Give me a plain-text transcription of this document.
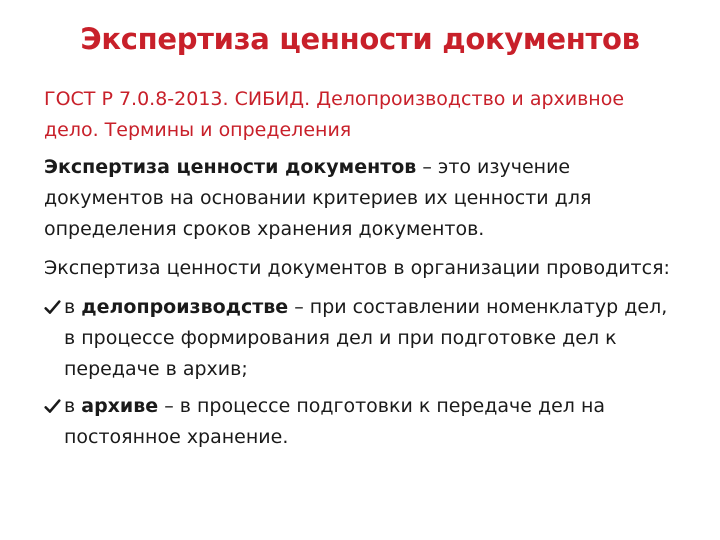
Экспертиза ценности документов

ГОСТ Р 7.0.8-2013. СИБИД. Делопроизводство и архивное дело. Термины и определения

Экспертиза ценности документов – это изучение документов на основании критериев их ценности для определения сроков хранения документов.

Экспертиза ценности документов в организации проводится:

в делопроизводстве – при составлении номенклатур дел, в процессе формирования дел и при подготовке дел к передаче в архив;
в архиве – в процессе подготовки к передаче дел на постоянное хранение.
